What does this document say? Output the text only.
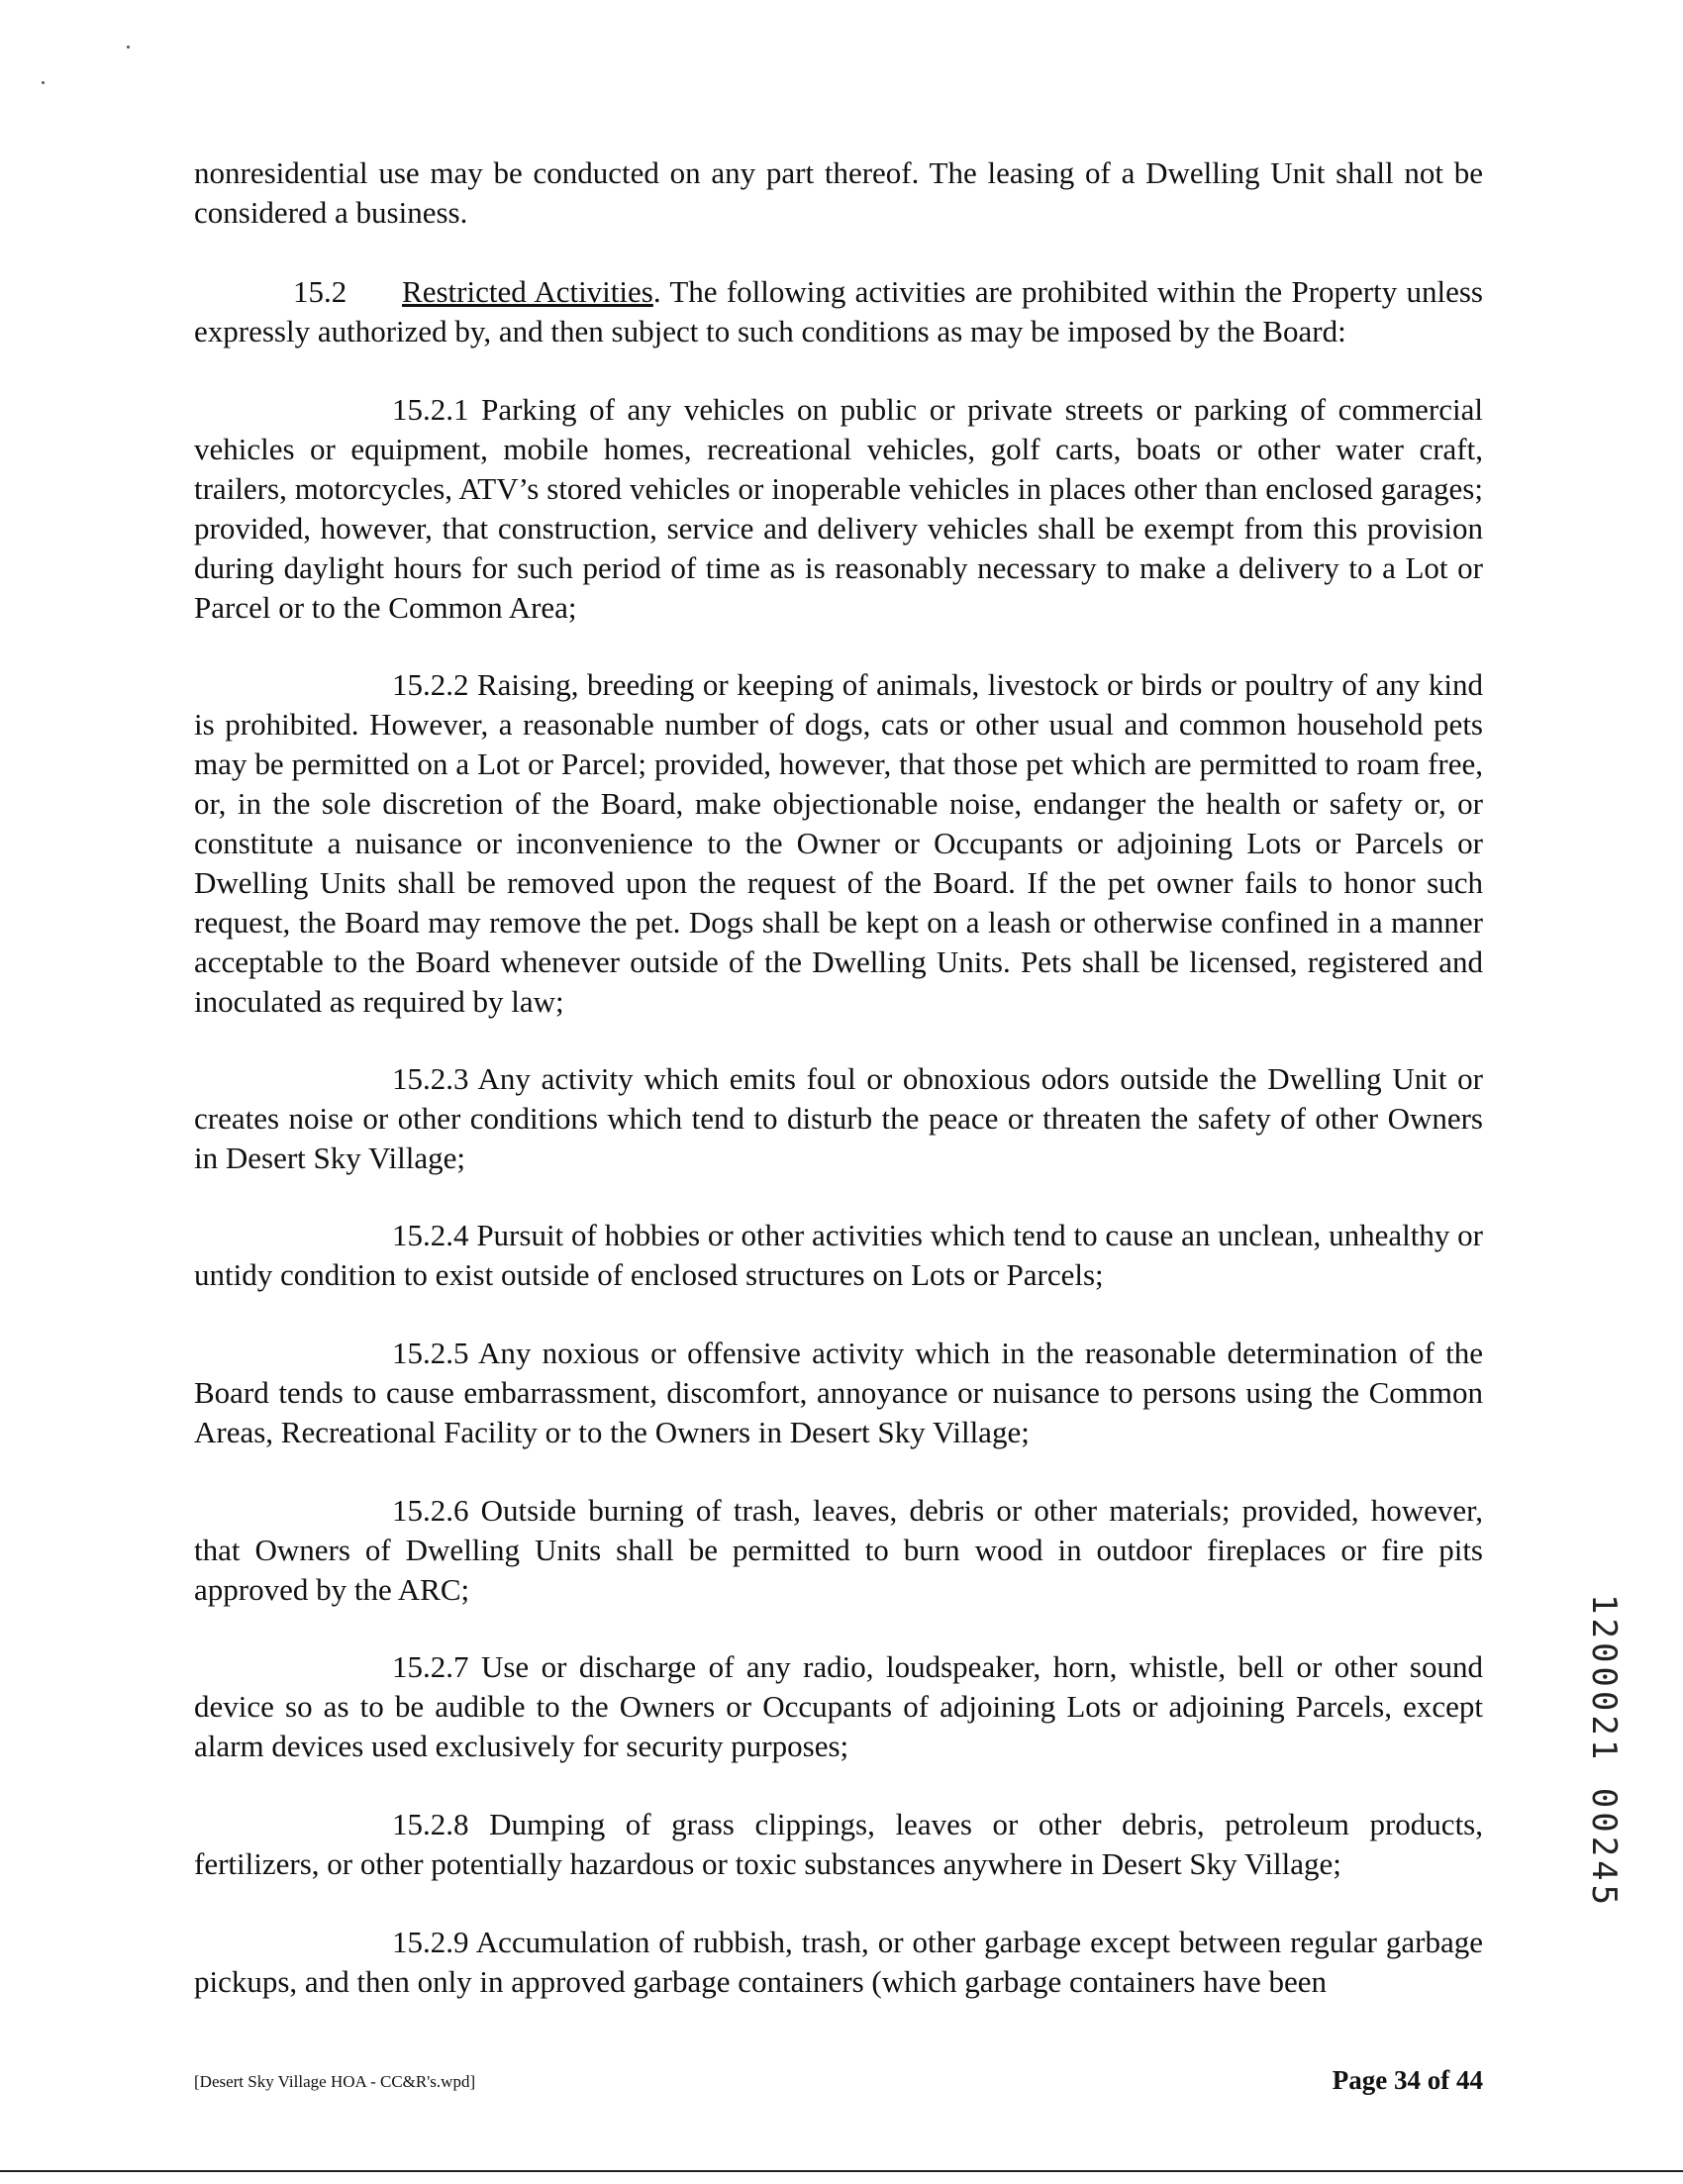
nonresidential use may be conducted on any part thereof. The leasing of a Dwelling Unit shall not be considered a business.

15.2 Restricted Activities. The following activities are prohibited within the Property unless expressly authorized by, and then subject to such conditions as may be imposed by the Board:

15.2.1 Parking of any vehicles on public or private streets or parking of commercial vehicles or equipment, mobile homes, recreational vehicles, golf carts, boats or other water craft, trailers, motorcycles, ATV’s stored vehicles or inoperable vehicles in places other than enclosed garages; provided, however, that construction, service and delivery vehicles shall be exempt from this provision during daylight hours for such period of time as is reasonably necessary to make a delivery to a Lot or Parcel or to the Common Area;

15.2.2 Raising, breeding or keeping of animals, livestock or birds or poultry of any kind is prohibited. However, a reasonable number of dogs, cats or other usual and common household pets may be permitted on a Lot or Parcel; provided, however, that those pet which are permitted to roam free, or, in the sole discretion of the Board, make objectionable noise, endanger the health or safety or, or constitute a nuisance or inconvenience to the Owner or Occupants or adjoining Lots or Parcels or Dwelling Units shall be removed upon the request of the Board. If the pet owner fails to honor such request, the Board may remove the pet. Dogs shall be kept on a leash or otherwise confined in a manner acceptable to the Board whenever outside of the Dwelling Units. Pets shall be licensed, registered and inoculated as required by law;

15.2.3 Any activity which emits foul or obnoxious odors outside the Dwelling Unit or creates noise or other conditions which tend to disturb the peace or threaten the safety of other Owners in Desert Sky Village;

15.2.4 Pursuit of hobbies or other activities which tend to cause an unclean, unhealthy or untidy condition to exist outside of enclosed structures on Lots or Parcels;

15.2.5 Any noxious or offensive activity which in the reasonable determination of the Board tends to cause embarrassment, discomfort, annoyance or nuisance to persons using the Common Areas, Recreational Facility or to the Owners in Desert Sky Village;

15.2.6 Outside burning of trash, leaves, debris or other materials; provided, however, that Owners of Dwelling Units shall be permitted to burn wood in outdoor fireplaces or fire pits approved by the ARC;

15.2.7 Use or discharge of any radio, loudspeaker, horn, whistle, bell or other sound device so as to be audible to the Owners or Occupants of adjoining Lots or adjoining Parcels, except alarm devices used exclusively for security purposes;

15.2.8 Dumping of grass clippings, leaves or other debris, petroleum products, fertilizers, or other potentially hazardous or toxic substances anywhere in Desert Sky Village;

15.2.9 Accumulation of rubbish, trash, or other garbage except between regular garbage pickups, and then only in approved garbage containers (which garbage containers have been

1200021 00245
[Desert Sky Village HOA - CC&R's.wpd]	Page 34 of 44
